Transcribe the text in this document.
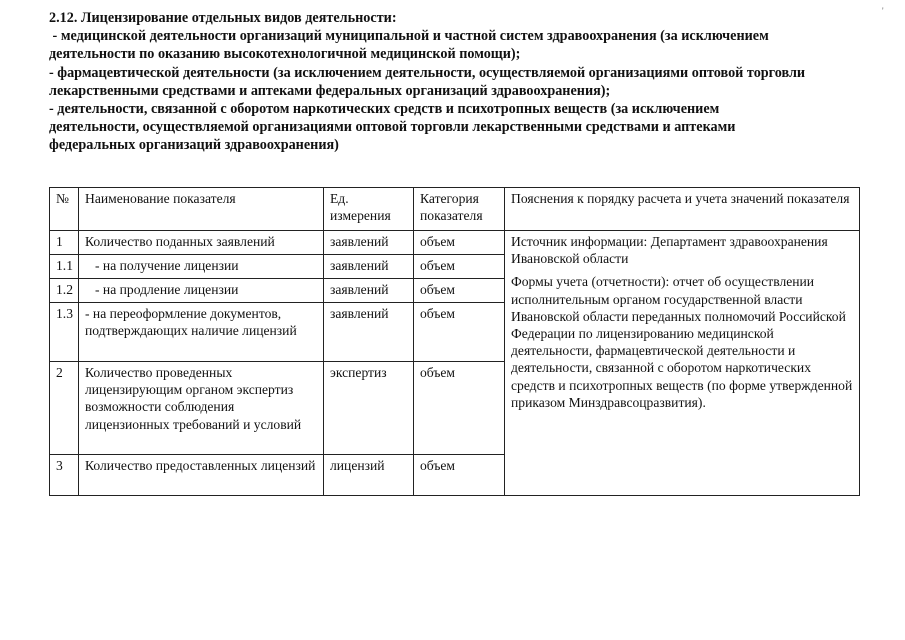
'
2.12. Лицензирование отдельных видов деятельности:
- медицинской деятельности организаций муниципальной и частной систем здравоохранения (за исключением
деятельности по оказанию высокотехнологичной медицинской помощи);
- фармацевтической деятельности (за исключением деятельности, осуществляемой организациями оптовой торговли
лекарственными средствами и аптеками федеральных организаций здравоохранения);
- деятельности, связанной с оборотом наркотических средств и психотропных веществ (за исключением
деятельности, осуществляемой организациями оптовой торговли лекарственными средствами и аптеками
федеральных организаций здравоохранения)
№	Наименование показателя	Ед. измерения	Категория показателя	Пояснения к порядку расчета и учета значений показателя
1	Количество поданных заявлений	заявлений	объем	Источник информации: Департамент здравоохранения Ивановской области

Формы учета (отчетности): отчет об осуществлении исполнительным органом государственной власти Ивановской области переданных полномочий Российской Федерации по лицензированию медицинской деятельности, фармацевтической деятельности и деятельности, связанной с оборотом наркотических средств и психотропных веществ (по форме утвержденной приказом Минздравсоцразвития).

1.1	- на получение лицензии	заявлений	объем	
1.2	- на продление лицензии	заявлений	объем	
1.3	- на переоформление документов, подтверждающих наличие лицензий	заявлений	объем	
2	Количество проведенных лицензирующим органом экспертиз возможности соблюдения лицензионных требований и условий	экспертиз	объем	
3	Количество предоставленных лицензий	лицензий	объем	
